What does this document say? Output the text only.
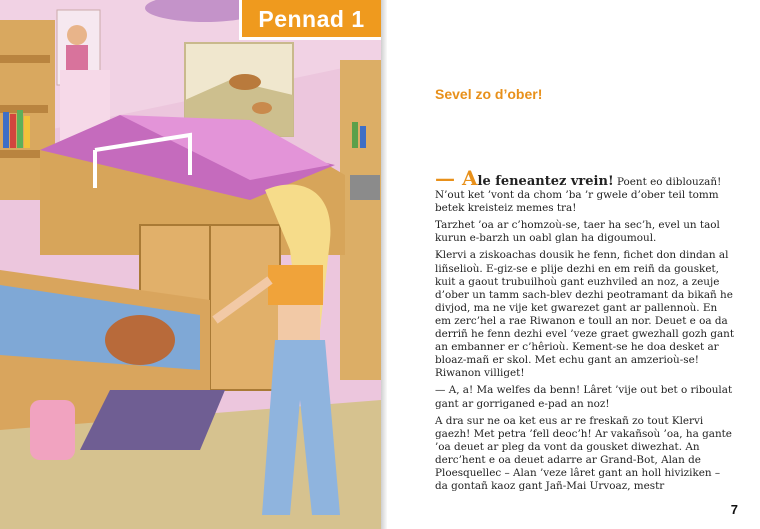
Pennad 1
Sevel zo d’ober!

— Ale feneantez vrein! Poent eo diblouzañ! N’out ket ’vont da chom ’ba ’r gwele d’ober teil tomm betek kreisteiz memes tra!

Tarzhet ’oa ar c’homzoù-se, taer ha sec’h, evel un taol kurun e-barzh un oabl glan ha digoumoul.

Klervi a ziskoachas dousik he fenn, fichet don dindan al liñselioù. E-giz-se e plije dezhi en em reiñ da gousket, kuit a gaout trubuilhoù gant euzhviled an noz, a zeuje d’ober un tamm sach-blev dezhi peotramant da bikañ he divjod, ma ne vije ket gwarezet gant ar pallennoù. En em zerc’hel a rae Riwanon e toull an nor. Deuet e oa da derriñ he fenn dezhi evel ’veze graet gwezhall gozh gant an embanner er c’hêrioù. Kement-se he doa desket ar bloaz-mañ er skol. Met echu gant an amzerioù-se! Riwanon villiget!

— A, a! Ma welfes da benn! Lâret ’vije out bet o riboulat gant ar gorriganed e-pad an noz!

A dra sur ne oa ket eus ar re freskañ zo tout Klervi gaezh! Met petra ’fell deoc’h! Ar vakañsoù ’oa, ha gante ’oa deuet ar pleg da vont da gousket diwezhat. An derc’hent e oa deuet adarre ar Grand-Bot, Alan de Ploesquellec – Alan ’veze lâret gant an holl hiviziken – da gontañ kaoz gant Jañ-Mai Urvoaz, mestr

7
